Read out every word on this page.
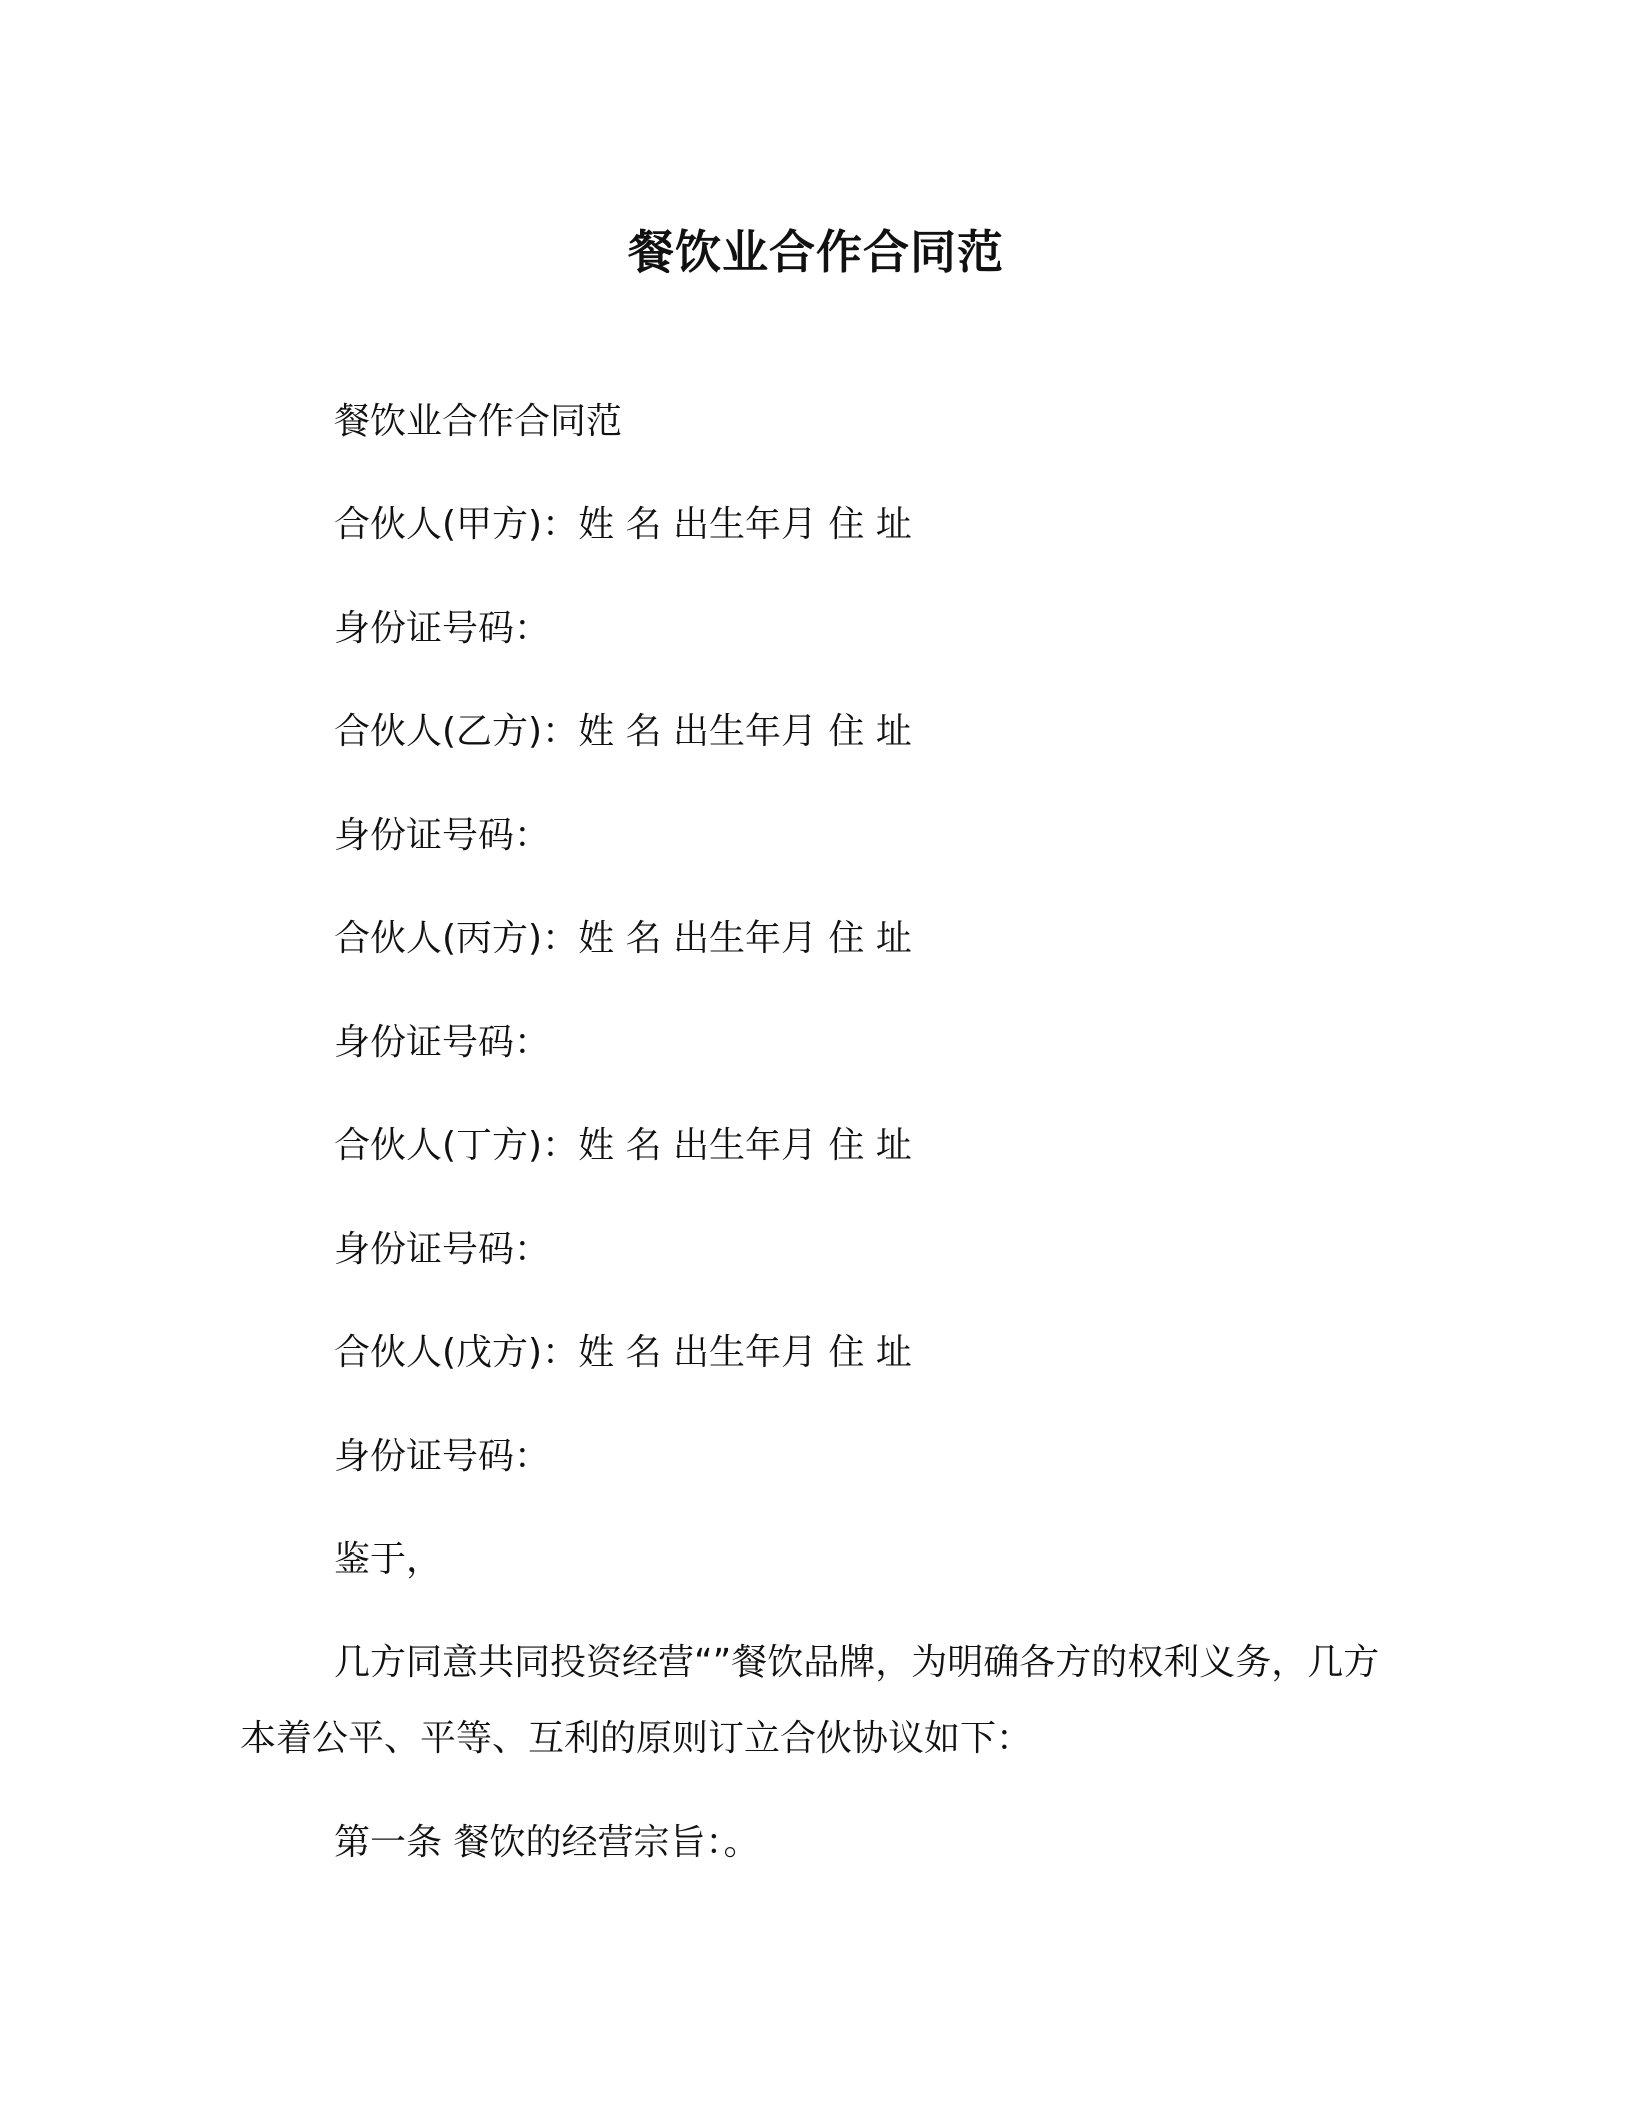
餐饮业合作合同范
餐饮业合作合同范
合伙人(甲方)：姓 名 出生年月 住 址
身份证号码：
合伙人(乙方)：姓 名 出生年月 住 址
身份证号码：
合伙人(丙方)：姓 名 出生年月 住 址
身份证号码：
合伙人(丁方)：姓 名 出生年月 住 址
身份证号码：
合伙人(戊方)：姓 名 出生年月 住 址
身份证号码：
鉴于，
几方同意共同投资经营“”餐饮品牌，为明确各方的权利义务，几方本着公平、平等、互利的原则订立合伙协议如下：
第一条 餐饮的经营宗旨：。
